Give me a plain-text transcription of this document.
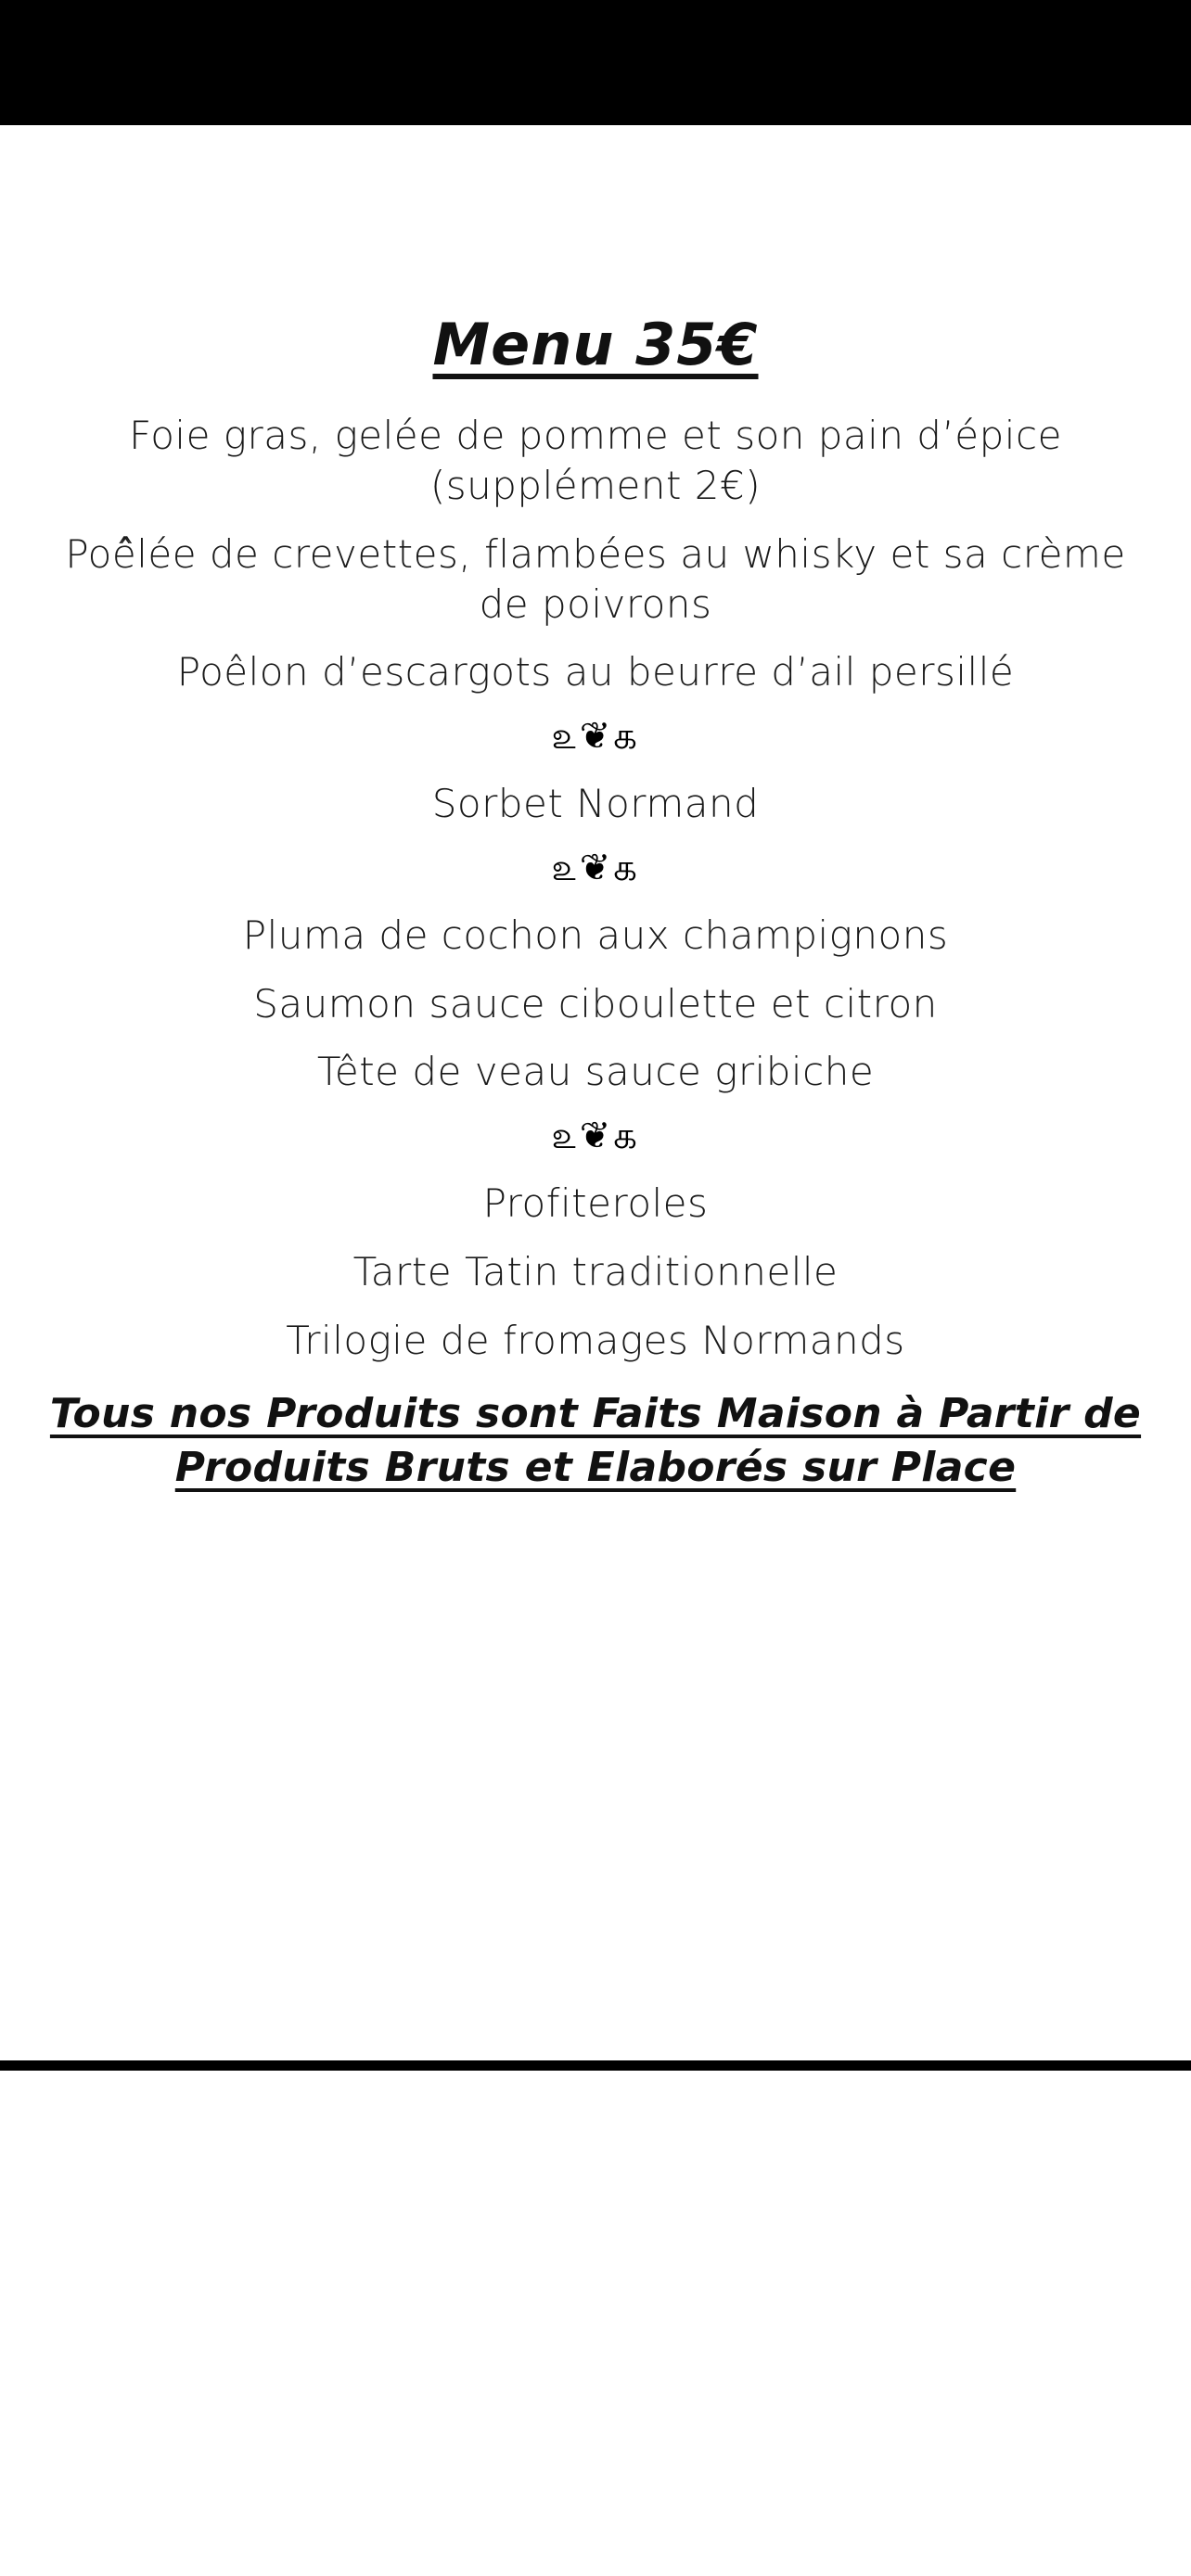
Menu 35€

Foie gras, gelée de pomme et son pain d’épice (supplément 2€)

Poê̂lée de crevettes, flambées au whisky et sa crème de poivrons

Poêlon d’escargots au beurre d’ail persillé

௨❦௧

Sorbet Normand

௨❦௧

Pluma de cochon aux champignons

Saumon sauce ciboulette et citron

Tête de veau sauce gribiche

௨❦௧

Profiteroles

Tarte Tatin traditionnelle

Trilogie de fromages Normands

Tous nos Produits sont Faits Maison à Partir de Produits Bruts et Elaborés sur Place
